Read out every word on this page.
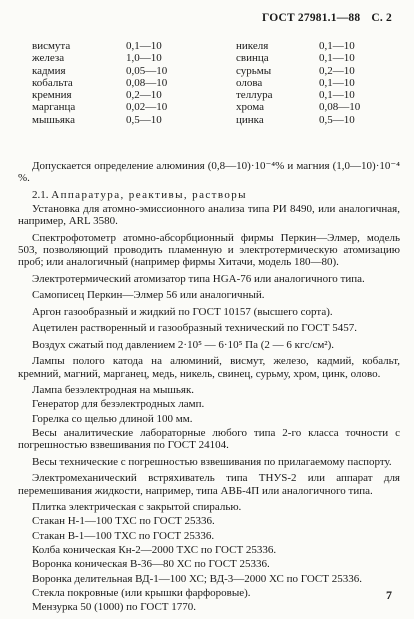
ГОСТ 27981.1—88 С. 2
висмута	0,1—10	никеля	0,1—10
железа	1,0—10	свинца	0,1—10
кадмия	0,05—10	сурьмы	0,2—10
кобальта	0,08—10	олова	0,1—10
кремния	0,2—10	теллура	0,1—10
марганца	0,02—10	хрома	0,08—10
мышьяка	0,5—10	цинка	0,5—10

Допускается определение алюминия (0,8—10)·10⁻⁴% и магния (1,0—10)·10⁻⁴ %.

2.1. Аппаратура, реактивы, растворы

Установка для атомно-эмиссионного анализа типа РИ 8490, или аналогичная, например, ARL 3580.

Спектрофотометр атомно-абсорбционный фирмы Перкин—Элмер, модель 503, позволяющий проводить пламенную и электротермическую атомизацию проб; или аналогичный (например фирмы Хитачи, модель 180—80).

Электротермический атомизатор типа HGA-76 или аналогичного типа.

Самописец Перкин—Элмер 56 или аналогичный.

Аргон газообразный и жидкий по ГОСТ 10157 (высшего сорта).

Ацетилен растворенный и газообразный технический по ГОСТ 5457.

Воздух сжатый под давлением 2·10⁵ — 6·10⁵ Па (2 — 6 кгс/см²).

Лампы полого катода на алюминий, висмут, железо, кадмий, кобальт, кремний, магний, марганец, медь, никель, свинец, сурьму, хром, цинк, олово.

Лампа безэлектродная на мышьяк.

Генератор для безэлектродных ламп.

Горелка со щелью длиной 100 мм.

Весы аналитические лабораторные любого типа 2-го класса точности с погрешностью взвешивания по ГОСТ 24104.

Весы технические с погрешностью взвешивания по прилагаемому паспорту.

Электромеханический встряхиватель типа ТНУS-2 или аппарат для перемешивания жидкости, например, типа АВБ-4П или аналогичного типа.

Плитка электрическая с закрытой спиралью.

Стакан Н-1—100 ТХС по ГОСТ 25336.

Стакан В-1—100 ТХС по ГОСТ 25336.

Колба коническая Кн-2—2000 ТХС по ГОСТ 25336.

Воронка коническая В-36—80 ХС по ГОСТ 25336.

Воронка делительная ВД-1—100 ХС; ВД-3—2000 ХС по ГОСТ 25336.

Стекла покровные (или крышки фарфоровые).

Мензурка 50 (1000) по ГОСТ 1770.

7
